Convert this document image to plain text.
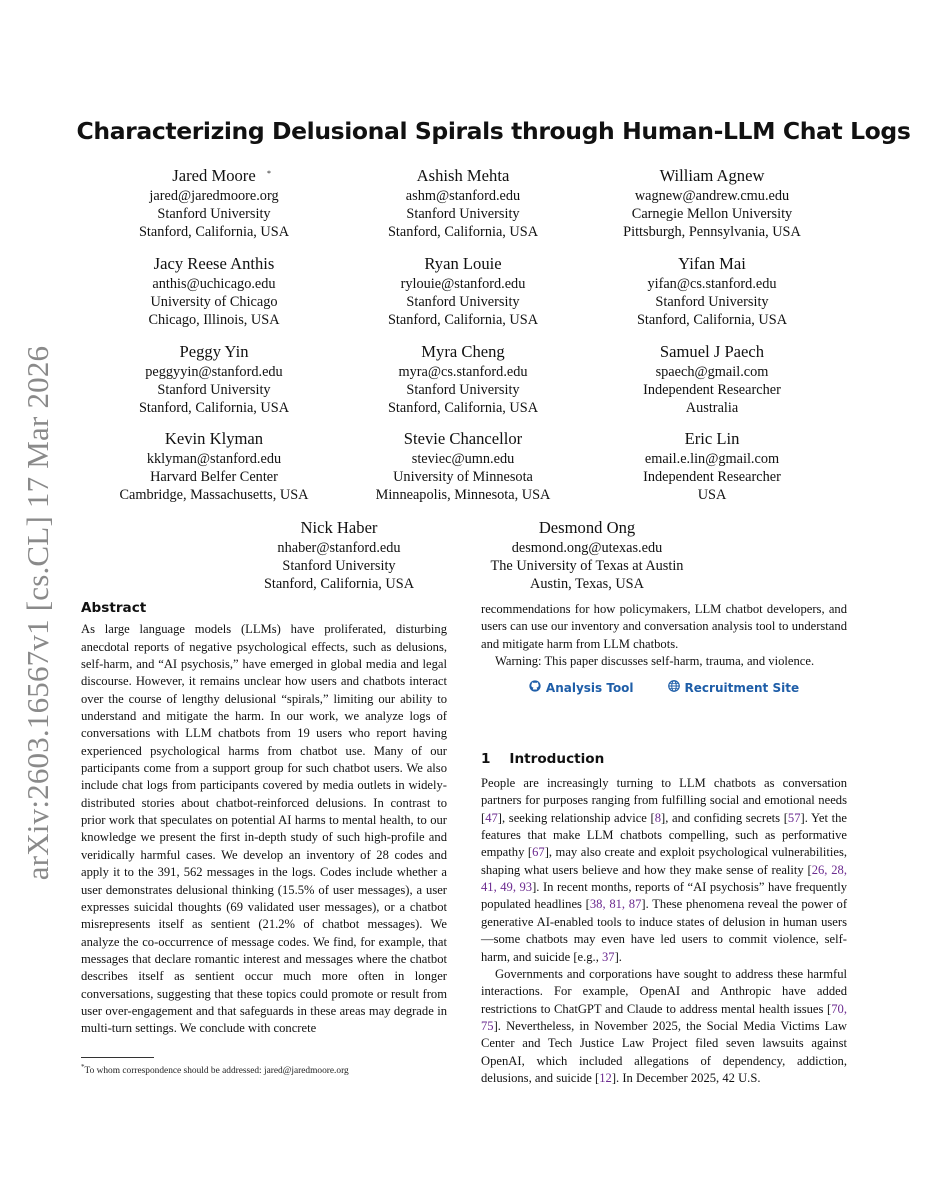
arXiv:2603.16567v1 [cs.CL] 17 Mar 2026
Characterizing Delusional Spirals through Human-LLM Chat Logs
Jared Moore	*
jared@jaredmoore.org
Stanford University
Stanford, California, USA
Ashish Mehta
ashm@stanford.edu
Stanford University
Stanford, California, USA
William Agnew
wagnew@andrew.cmu.edu
Carnegie Mellon University
Pittsburgh, Pennsylvania, USA
Jacy Reese Anthis
anthis@uchicago.edu
University of Chicago
Chicago, Illinois, USA
Ryan Louie
rylouie@stanford.edu
Stanford University
Stanford, California, USA
Yifan Mai
yifan@cs.stanford.edu
Stanford University
Stanford, California, USA
Peggy Yin
peggyyin@stanford.edu
Stanford University
Stanford, California, USA
Myra Cheng
myra@cs.stanford.edu
Stanford University
Stanford, California, USA
Samuel J Paech
spaech@gmail.com
Independent Researcher
Australia
Kevin Klyman
kklyman@stanford.edu
Harvard Belfer Center
Cambridge, Massachusetts, USA
Stevie Chancellor
steviec@umn.edu
University of Minnesota
Minneapolis, Minnesota, USA
Eric Lin
email.e.lin@gmail.com
Independent Researcher
USA
Nick Haber
nhaber@stanford.edu
Stanford University
Stanford, California, USA
Desmond Ong
desmond.ong@utexas.edu
The University of Texas at Austin
Austin, Texas, USA
Abstract

As large language models (LLMs) have proliferated, disturbing anecdotal reports of negative psychological effects, such as delusions, self-harm, and “AI psychosis,” have emerged in global media and legal discourse. However, it remains unclear how users and chatbots interact over the course of lengthy delusional “spirals,” limiting our ability to understand and mitigate the harm. In our work, we analyze logs of conversations with LLM chatbots from 19 users who report having experienced psychological harms from chatbot use. Many of our participants come from a support group for such chatbot users. We also include chat logs from participants covered by media outlets in widely-distributed stories about chatbot-reinforced delusions. In contrast to prior work that speculates on potential AI harms to mental health, to our knowledge we present the first in-depth study of such high-profile and veridically harmful cases. We develop an inventory of 28 codes and apply it to the 391, 562 messages in the logs. Codes include whether a user demonstrates delusional thinking (15.5% of user messages), a user expresses suicidal thoughts (69 validated user messages), or a chatbot misrepresents itself as sentient (21.2% of chatbot messages). We analyze the co-occurrence of message codes. We find, for example, that messages that declare romantic interest and messages where the chatbot describes itself as sentient occur much more often in longer conversations, suggesting that these topics could promote or result from user over-engagement and that safeguards in these areas may degrade in multi-turn settings. We conclude with concrete

recommendations for how policymakers, LLM chatbot developers, and users can use our inventory and conversation analysis tool to understand and mitigate harm from LLM chatbots.

Warning: This paper discusses self-harm, trauma, and violence.

Analysis Tool	Recruitment Site
1 Introduction

People are increasingly turning to LLM chatbots as conversation partners for purposes ranging from fulfilling social and emotional needs [47], seeking relationship advice [8], and confiding secrets [57]. Yet the features that make LLM chatbots compelling, such as performative empathy [67], may also create and exploit psychological vulnerabilities, shaping what users believe and how they make sense of reality [26, 28, 41, 49, 93]. In recent months, reports of “AI psychosis” have frequently populated headlines [38, 81, 87]. These phenomena reveal the power of generative AI-enabled tools to induce states of delusion in human users—some chatbots may even have led users to commit violence, self-harm, and suicide [e.g., 37].

Governments and corporations have sought to address these harmful interactions. For example, OpenAI and Anthropic have added restrictions to ChatGPT and Claude to address mental health issues [70, 75]. Nevertheless, in November 2025, the Social Media Victims Law Center and Tech Justice Law Project filed seven lawsuits against OpenAI, which included allegations of dependency, addiction, delusions, and suicide [12]. In December 2025, 42 U.S.

*To whom correspondence should be addressed: jared@jaredmoore.org
